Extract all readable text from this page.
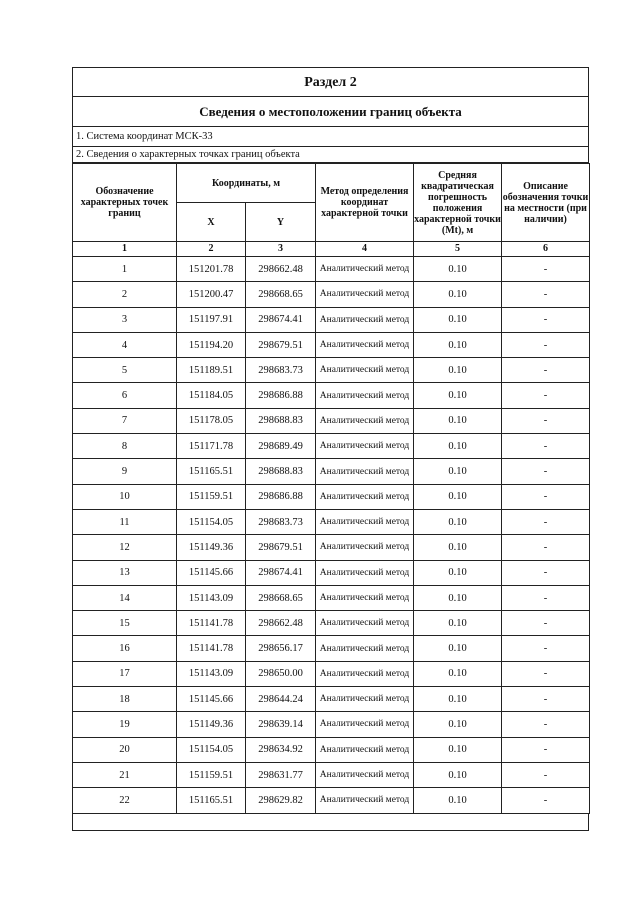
Раздел 2
Сведения о местоположении границ объекта
1. Система координат МСК-33
2. Сведения о характерных точках границ объекта
Обозначение характерных точек границ	Координаты, м		Метод определения координат характерной точки	Средняя квадратическая погрешность положения характерной точки (Mt), м	Описание обозначения точки на местности (при наличии)
	X	Y			
1	2	3	4	5	6
1	151201.78	298662.48	Аналитический метод	0.10	-
2	151200.47	298668.65	Аналитический метод	0.10	-
3	151197.91	298674.41	Аналитический метод	0.10	-
4	151194.20	298679.51	Аналитический метод	0.10	-
5	151189.51	298683.73	Аналитический метод	0.10	-
6	151184.05	298686.88	Аналитический метод	0.10	-
7	151178.05	298688.83	Аналитический метод	0.10	-
8	151171.78	298689.49	Аналитический метод	0.10	-
9	151165.51	298688.83	Аналитический метод	0.10	-
10	151159.51	298686.88	Аналитический метод	0.10	-
11	151154.05	298683.73	Аналитический метод	0.10	-
12	151149.36	298679.51	Аналитический метод	0.10	-
13	151145.66	298674.41	Аналитический метод	0.10	-
14	151143.09	298668.65	Аналитический метод	0.10	-
15	151141.78	298662.48	Аналитический метод	0.10	-
16	151141.78	298656.17	Аналитический метод	0.10	-
17	151143.09	298650.00	Аналитический метод	0.10	-
18	151145.66	298644.24	Аналитический метод	0.10	-
19	151149.36	298639.14	Аналитический метод	0.10	-
20	151154.05	298634.92	Аналитический метод	0.10	-
21	151159.51	298631.77	Аналитический метод	0.10	-
22	151165.51	298629.82	Аналитический метод	0.10	-
